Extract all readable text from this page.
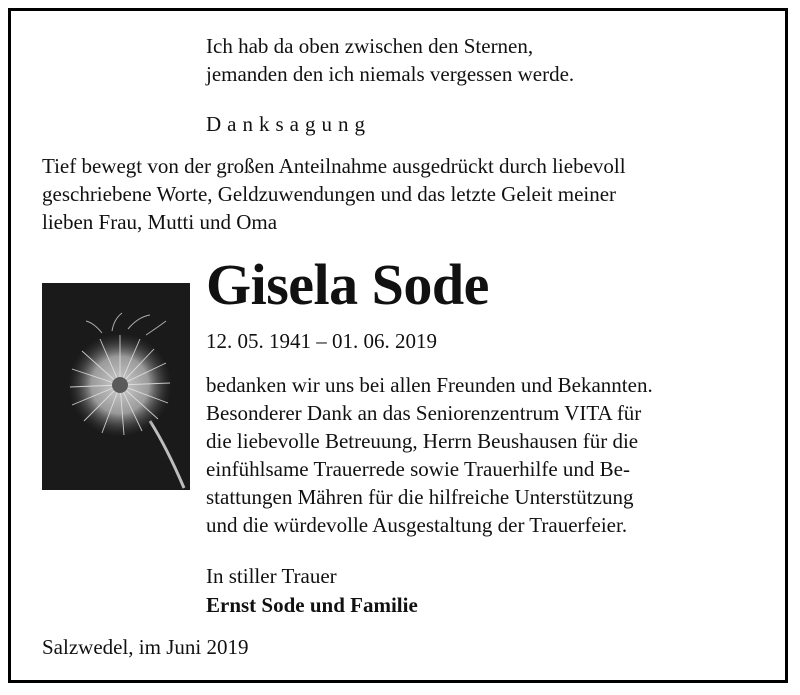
Ich hab da oben zwischen den Sternen,
jemanden den ich niemals vergessen werde.
Danksagung
Tief bewegt von der großen Anteilnahme ausgedrückt durch liebevoll
geschriebene Worte, Geldzuwendungen und das letzte Geleit meiner
lieben Frau, Mutti und Oma
Gisela Sode
12. 05. 1941 – 01. 06. 2019
bedanken wir uns bei allen Freunden und Bekannten.
Besonderer Dank an das Seniorenzentrum VITA für
die liebevolle Betreuung, Herrn Beushausen für die
einfühlsame Trauerrede sowie Trauerhilfe und Be-
stattungen Mähren für die hilfreiche Unterstützung
und die würdevolle Ausgestaltung der Trauerfeier.
In stiller Trauer
Ernst Sode und Familie
Salzwedel, im Juni 2019
